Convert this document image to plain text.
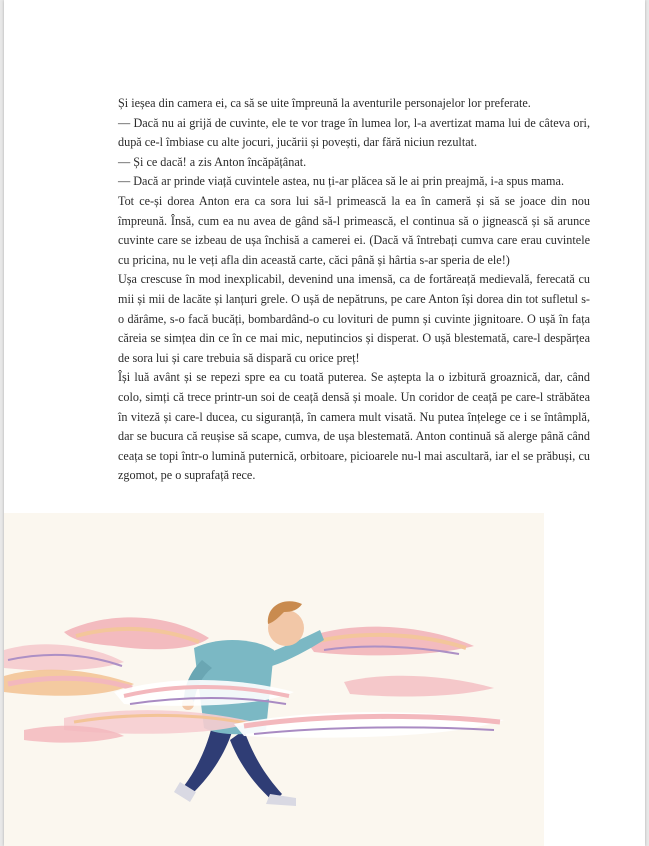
Și ieșea din camera ei, ca să se uite împreună la aventurile personajelor lor preferate.

— Dacă nu ai grijă de cuvinte, ele te vor trage în lumea lor, l-a avertizat mama lui de câteva ori, după ce-l îmbiase cu alte jocuri, jucării și povești, dar fără niciun rezultat.

— Și ce dacă! a zis Anton încăpățânat.

— Dacă ar prinde viață cuvintele astea, nu ți-ar plăcea să le ai prin preajmă, i-a spus mama.

Tot ce-și dorea Anton era ca sora lui să-l primească la ea în cameră și să se joace din nou împreună. Însă, cum ea nu avea de gând să-l primească, el continua să o jignească și să arunce cuvinte care se izbeau de ușa închisă a camerei ei. (Dacă vă întrebați cumva care erau cuvintele cu pricina, nu le veți afla din această carte, căci până și hârtia s-ar speria de ele!)

Ușa crescuse în mod inexplicabil, devenind una imensă, ca de fortăreață medievală, ferecată cu mii și mii de lacăte și lanțuri grele. O ușă de nepătruns, pe care Anton își dorea din tot sufletul s-o dărâme, s-o facă bucăți, bombardând-o cu lovituri de pumn și cuvinte jignitoare. O ușă în fața căreia se simțea din ce în ce mai mic, neputincios și disperat. O ușă blestemată, care-l despărțea de sora lui și care trebuia să dispară cu orice preț!

Își luă avânt și se repezi spre ea cu toată puterea. Se aștepta la o izbitură groaznică, dar, când colo, simți că trece printr-un soi de ceață densă și moale. Un coridor de ceață pe care-l străbătea în viteză și care-l ducea, cu siguranță, în camera mult visată. Nu putea înțelege ce i se întâmplă, dar se bucura că reușise să scape, cumva, de ușa blestemată. Anton continuă să alerge până când ceața se topi într-o lumină puternică, orbitoare, picioarele nu-l mai ascultară, iar el se prăbuși, cu zgomot, pe o suprafață rece.
